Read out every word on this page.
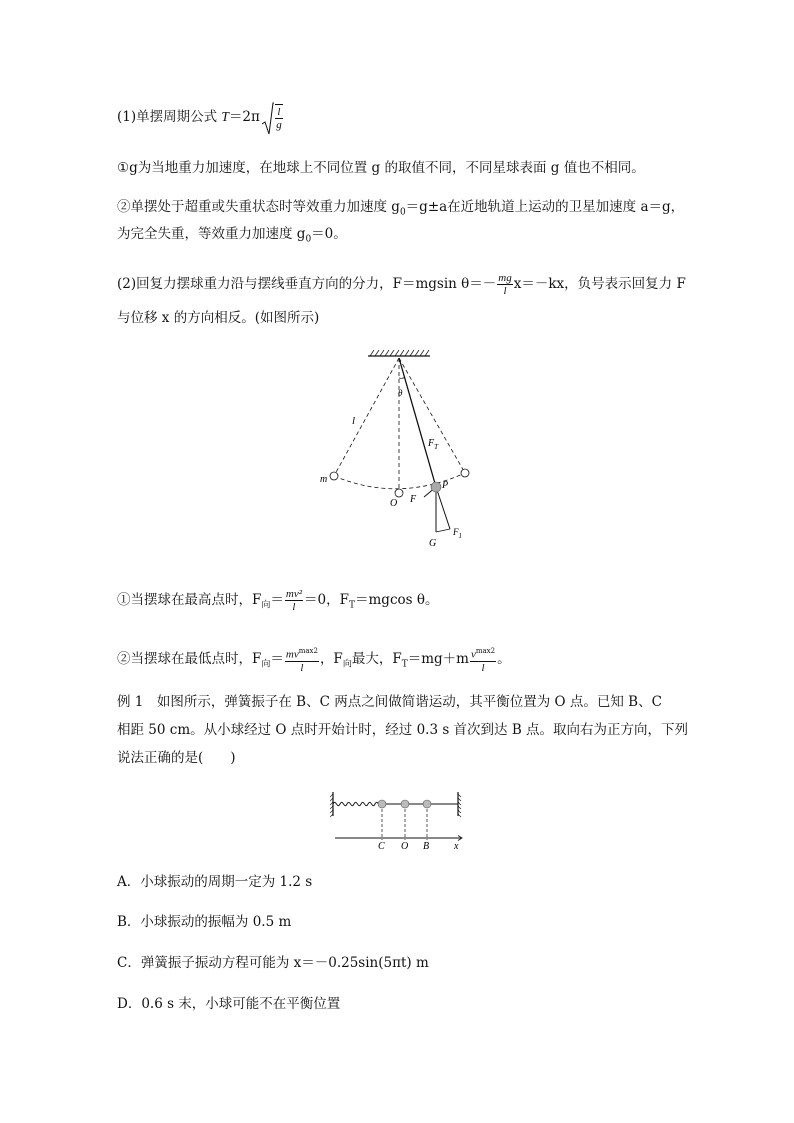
(1)单摆周期公式 $T=2\pi \frac{l}{g}$
①g为当地重力加速度，在地球上不同位置 g 的取值不同，不同星球表面 g 值也不相同。
②单摆处于超重或失重状态时等效重力加速度 $g_0=g\pm a$在近地轨道上运动的卫星加速度 a＝g，
为完全失重，等效重力加速度 $g_0=0$。
(2)回复力摆球重力沿与摆线垂直方向的分力，F＝mgsin $\theta=- \frac{mg}{l} x=-kx$，负号表示回复力 F
与位移 x 的方向相反。(如图所示)
l
θ
$F_T$
m
O F
P
G
$F_1$
①当摆球在最高点时，$F_向= \frac{\text{mv²}}{l} =0$，$F_T=mgcos$ θ。
②当摆球在最低点时，$F_向= \frac{mv^{max2}}{l}$ ，$F_向$最大，$F_T=mg+m \frac{v^{max2}}{l}$ 。
例 1　如图所示，弹簧振子在 B、C 两点之间做简谐运动，其平衡位置为 O 点。已知 B、C
相距 50 cm。从小球经过 O 点时开始计时，经过 0.3 s 首次到达 B 点。取向右为正方向，下列
说法正确的是(　　)
C O B x
A．小球振动的周期一定为 1.2 s
B．小球振动的振幅为 0.5 m
C．弹簧振子振动方程可能为 x＝－0.25sin(5πt) m
D．0.6 s 末，小球可能不在平衡位置
